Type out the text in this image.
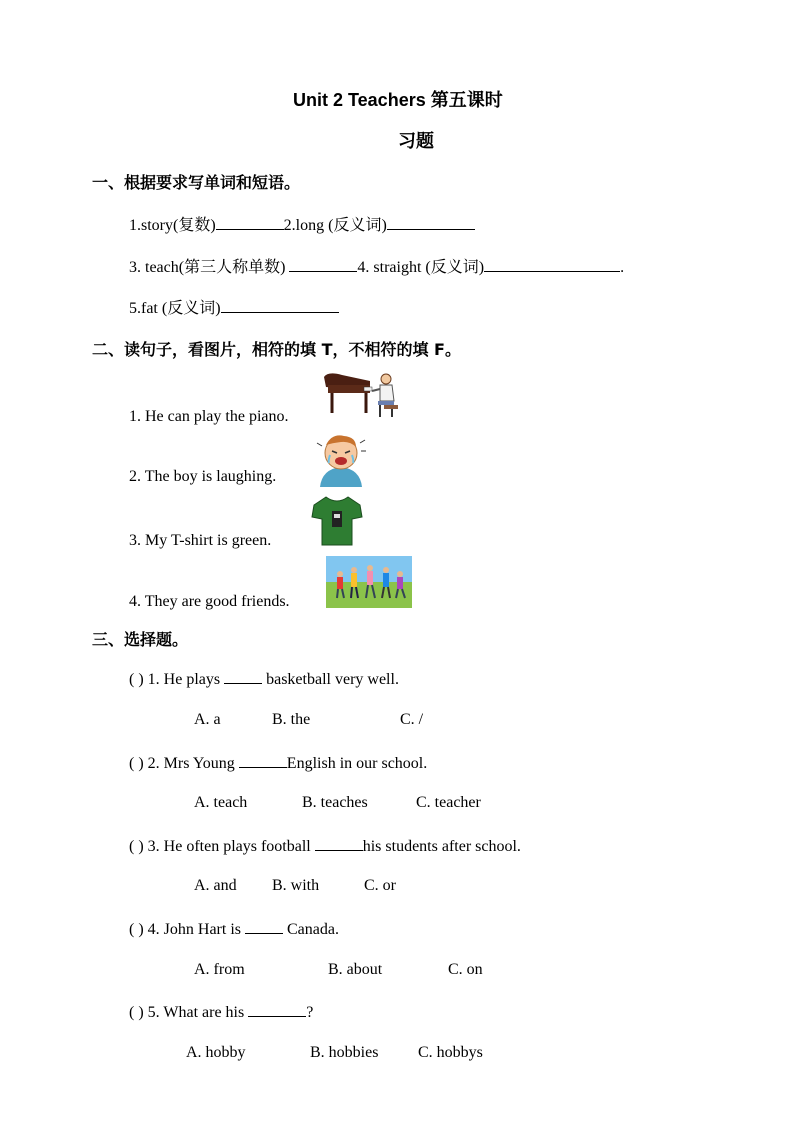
Unit 2 Teachers 第五课时
习题
一、根据要求写单词和短语。
1.story(复数)	2.long (反义词)
3. teach(第三人称单数)	4. straight (反义词)	.
5.fat (反义词)
二、读句子，看图片，相符的填 T，不相符的填 F。
1. He can play the piano.
2. The boy is laughing.
3. My T-shirt is green.
4. They are good friends.
三、选择题。
( ) 1. He plays  basketball very well.
A. a	B. the	C. /
( ) 2. Mrs Young	English in our school.
A. teach	B. teaches	C. teacher
( ) 3. He often plays football	his students after school.
A. and B. with	C. or
( ) 4. John Hart is  Canada.
A. from	B. about	C. on
( ) 5. What are his	?
A. hobby	B. hobbies C. hobbys
